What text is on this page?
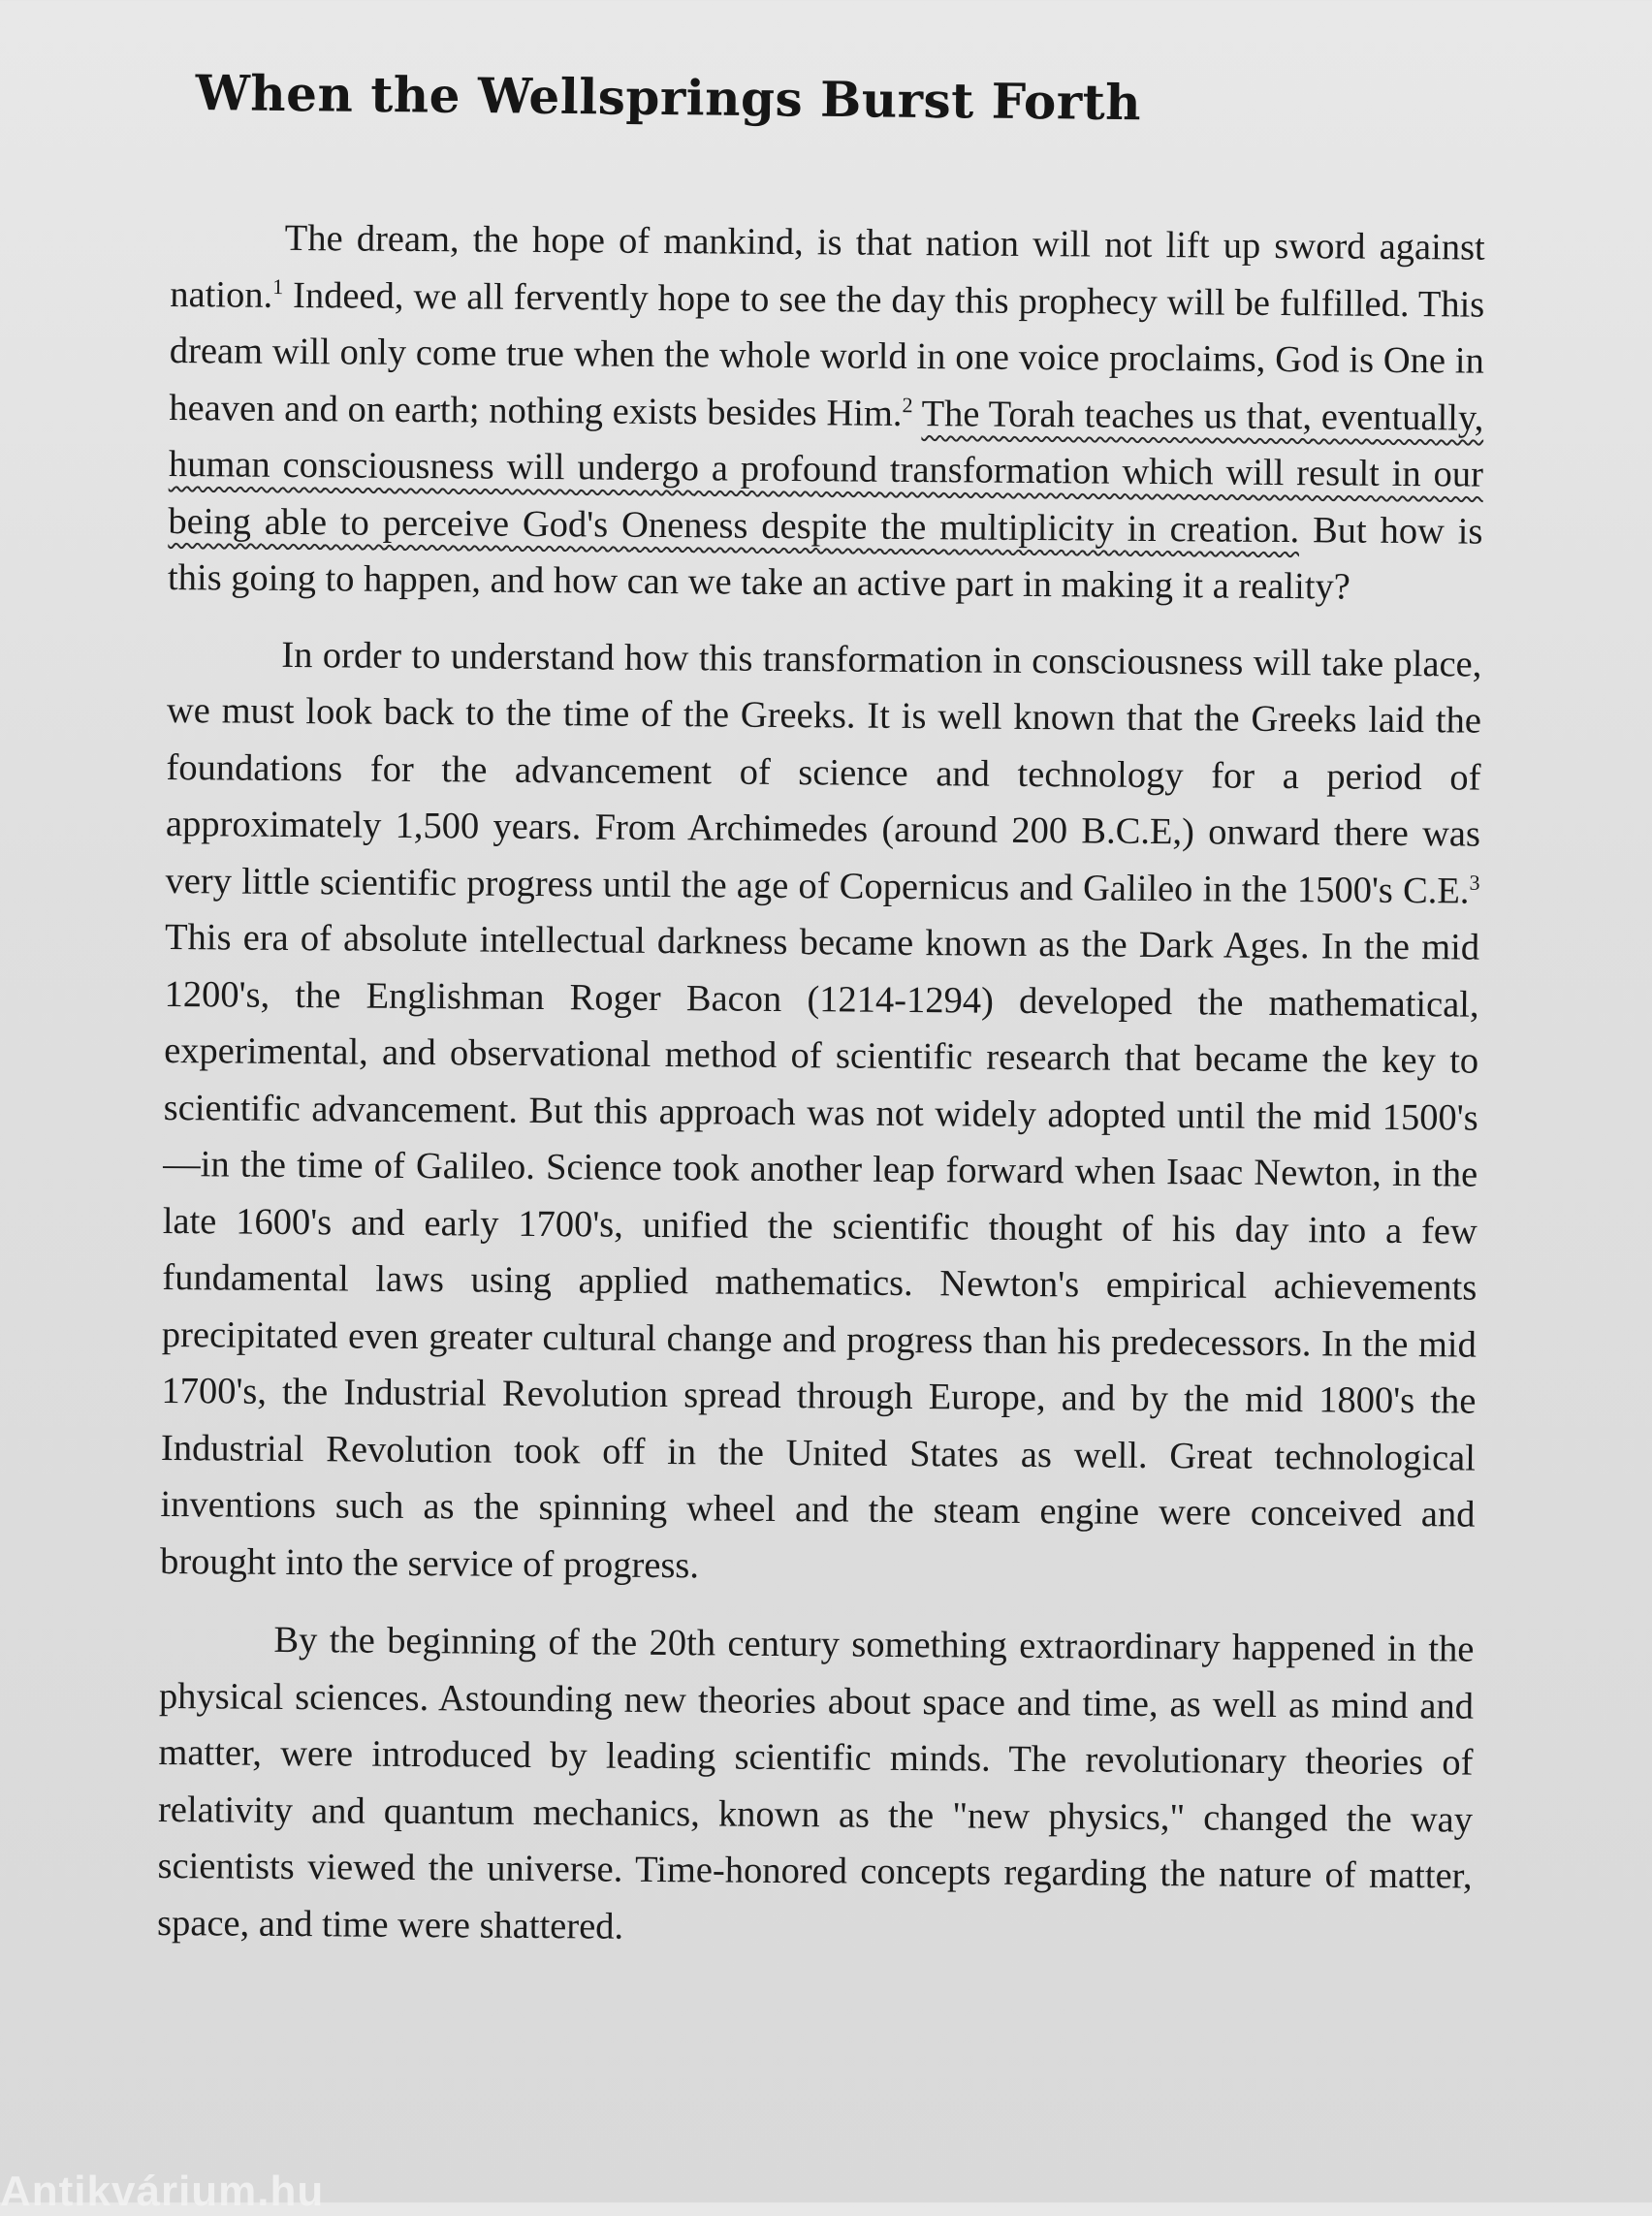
When the Wellsprings Burst Forth

The dream, the hope of mankind, is that nation will not lift up sword against nation.$^1$ Indeed, we all fervently hope to see the day this prophecy will be fulfilled. This dream will only come true when the whole world in one voice proclaims, God is One in heaven and on earth; nothing exists besides Him.$^2$ The Torah teaches us that, eventually, human consciousness will undergo a profound transformation which will result in our being able to perceive God's Oneness despite the multiplicity in creation. But how is this going to happen, and how can we take an active part in making it a reality?

In order to understand how this transformation in consciousness will take place, we must look back to the time of the Greeks. It is well known that the Greeks laid the foundations for the advancement of science and technology for a period of approximately 1,500 years. From Archimedes (around 200 B.C.E,) onward there was very little scientific progress until the age of Copernicus and Galileo in the 1500's C.E.$^3$ This era of absolute intellectual darkness became known as the Dark Ages. In the mid 1200's, the Englishman Roger Bacon (1214-1294) developed the mathematical, experimental, and observational method of scientific research that became the key to scientific advancement. But this approach was not widely adopted until the mid 1500's—in the time of Galileo. Science took another leap forward when Isaac Newton, in the late 1600's and early 1700's, unified the scientific thought of his day into a few fundamental laws using applied mathematics. Newton's empirical achievements precipitated even greater cultural change and progress than his predecessors. In the mid 1700's, the Industrial Revolution spread through Europe, and by the mid 1800's the Industrial Revolution took off in the United States as well. Great technological inventions such as the spinning wheel and the steam engine were conceived and brought into the service of progress.

By the beginning of the 20th century something extraordinary happened in the physical sciences. Astounding new theories about space and time, as well as mind and matter, were introduced by leading scientific minds. The revolutionary theories of relativity and quantum mechanics, known as the "new physics," changed the way scientists viewed the universe. Time-honored concepts regarding the nature of matter, space, and time were shattered.

Antikvárium.hu
